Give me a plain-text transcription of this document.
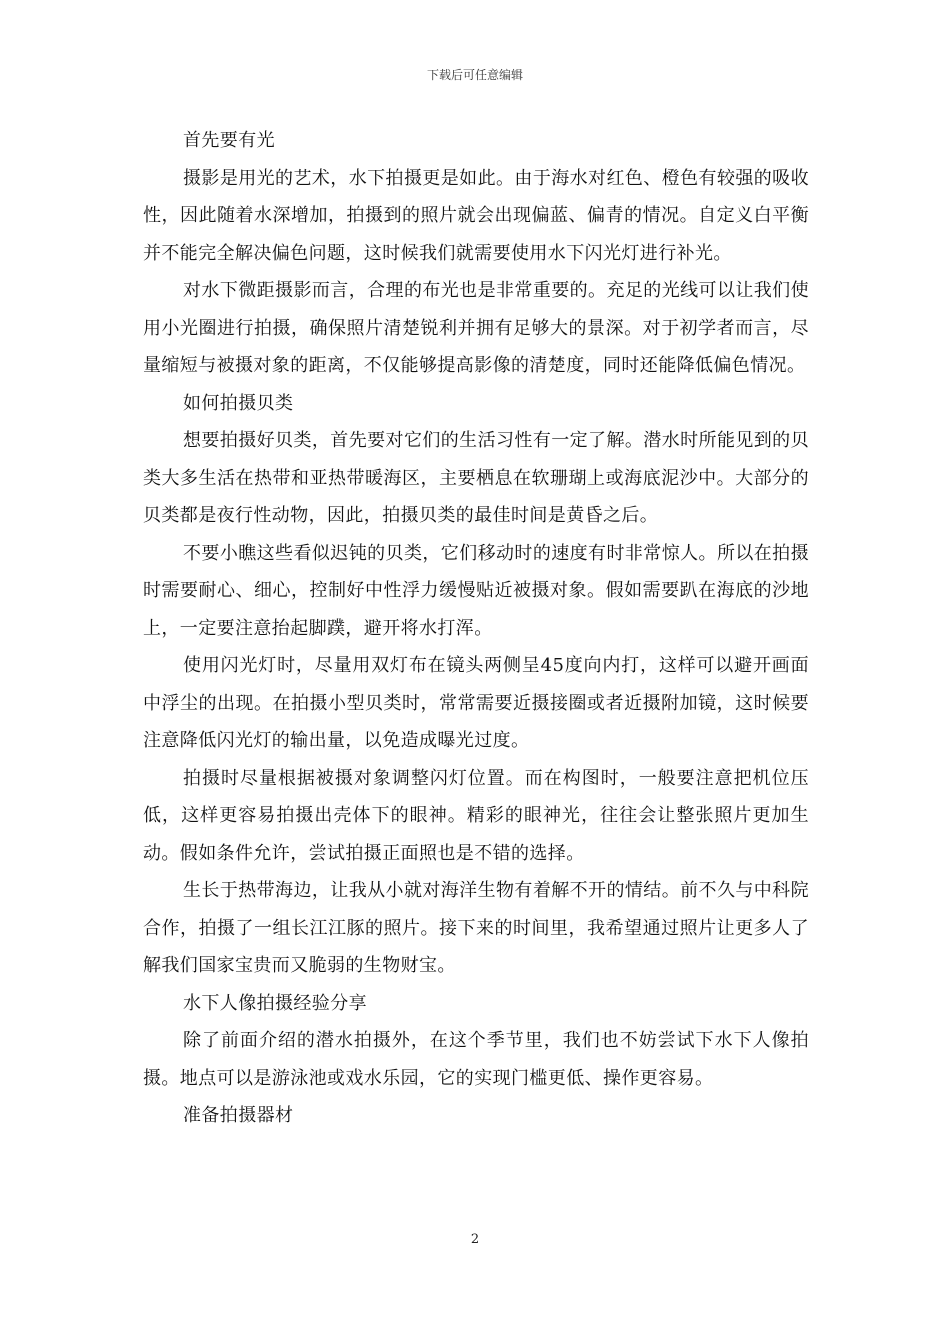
下载后可任意编辑

首先要有光

摄影是用光的艺术，水下拍摄更是如此。由于海水对红色、橙色有较强的吸收性，因此随着水深增加，拍摄到的照片就会出现偏蓝、偏青的情况。自定义白平衡并不能完全解决偏色问题，这时候我们就需要使用水下闪光灯进行补光。

对水下微距摄影而言，合理的布光也是非常重要的。充足的光线可以让我们使用小光圈进行拍摄，确保照片清楚锐利并拥有足够大的景深。对于初学者而言，尽量缩短与被摄对象的距离，不仅能够提高影像的清楚度，同时还能降低偏色情况。

如何拍摄贝类

想要拍摄好贝类，首先要对它们的生活习性有一定了解。潜水时所能见到的贝类大多生活在热带和亚热带暖海区，主要栖息在软珊瑚上或海底泥沙中。大部分的贝类都是夜行性动物，因此，拍摄贝类的最佳时间是黄昏之后。

不要小瞧这些看似迟钝的贝类，它们移动时的速度有时非常惊人。所以在拍摄时需要耐心、细心，控制好中性浮力缓慢贴近被摄对象。假如需要趴在海底的沙地上，一定要注意抬起脚蹼，避开将水打浑。

使用闪光灯时，尽量用双灯布在镜头两侧呈45度向内打，这样可以避开画面中浮尘的出现。在拍摄小型贝类时，常常需要近摄接圈或者近摄附加镜，这时候要注意降低闪光灯的输出量，以免造成曝光过度。

拍摄时尽量根据被摄对象调整闪灯位置。而在构图时，一般要注意把机位压低，这样更容易拍摄出壳体下的眼神。精彩的眼神光，往往会让整张照片更加生动。假如条件允许，尝试拍摄正面照也是不错的选择。

生长于热带海边，让我从小就对海洋生物有着解不开的情结。前不久与中科院合作，拍摄了一组长江江豚的照片。接下来的时间里，我希望通过照片让更多人了解我们国家宝贵而又脆弱的生物财宝。

水下人像拍摄经验分享

除了前面介绍的潜水拍摄外，在这个季节里，我们也不妨尝试下水下人像拍摄。地点可以是游泳池或戏水乐园，它的实现门槛更低、操作更容易。

准备拍摄器材

2
